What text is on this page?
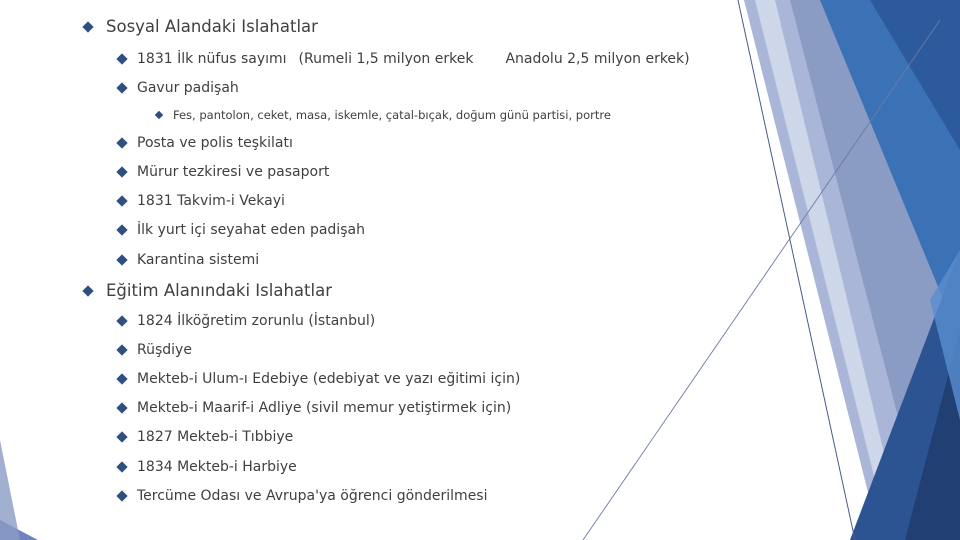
Sosyal Alandaki Islahatlar
1831 İlk nüfus sayımı (Rumeli 1,5 milyon erkek Anadolu 2,5 milyon erkek)
Gavur padişah
Fes, pantolon, ceket, masa, iskemle, çatal-bıçak, doğum günü partisi, portre
Posta ve polis teşkilatı
Mürur tezkiresi ve pasaport
1831 Takvim-i Vekayi
İlk yurt içi seyahat eden padişah
Karantina sistemi
Eğitim Alanındaki Islahatlar
1824 İlköğretim zorunlu (İstanbul)
Rüşdiye
Mekteb-i Ulum-ı Edebiye (edebiyat ve yazı eğitimi için)
Mekteb-i Maarif-i Adliye (sivil memur yetiştirmek için)
1827 Mekteb-i Tıbbiye
1834 Mekteb-i Harbiye
Tercüme Odası ve Avrupa'ya öğrenci gönderilmesi
